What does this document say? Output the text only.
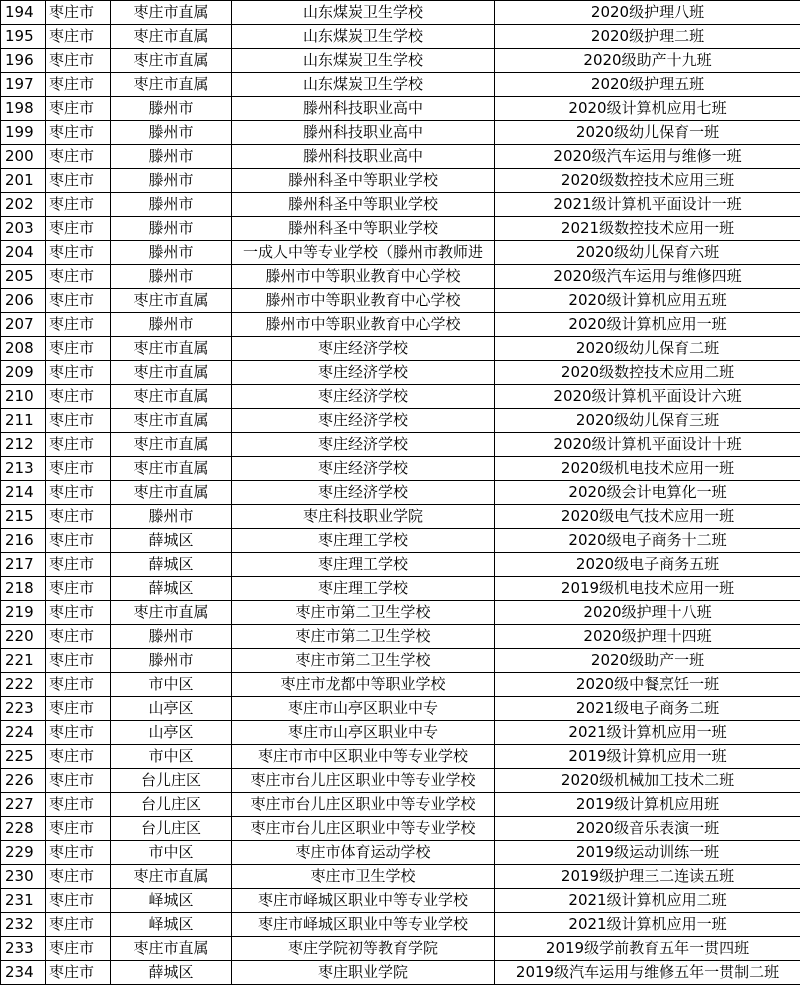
194	枣庄市	枣庄市直属	山东煤炭卫生学校	2020级护理八班
195	枣庄市	枣庄市直属	山东煤炭卫生学校	2020级护理二班
196	枣庄市	枣庄市直属	山东煤炭卫生学校	2020级助产十九班
197	枣庄市	枣庄市直属	山东煤炭卫生学校	2020级护理五班
198	枣庄市	滕州市	滕州科技职业高中	2020级计算机应用七班
199	枣庄市	滕州市	滕州科技职业高中	2020级幼儿保育一班
200	枣庄市	滕州市	滕州科技职业高中	2020级汽车运用与维修一班
201	枣庄市	滕州市	滕州科圣中等职业学校	2020级数控技术应用三班
202	枣庄市	滕州市	滕州科圣中等职业学校	2021级计算机平面设计一班
203	枣庄市	滕州市	滕州科圣中等职业学校	2021级数控技术应用一班
204	枣庄市	滕州市	一成人中等专业学校（滕州市教师进	2020级幼儿保育六班
205	枣庄市	滕州市	滕州市中等职业教育中心学校	2020级汽车运用与维修四班
206	枣庄市	枣庄市直属	滕州市中等职业教育中心学校	2020级计算机应用五班
207	枣庄市	滕州市	滕州市中等职业教育中心学校	2020级计算机应用一班
208	枣庄市	枣庄市直属	枣庄经济学校	2020级幼儿保育二班
209	枣庄市	枣庄市直属	枣庄经济学校	2020级数控技术应用二班
210	枣庄市	枣庄市直属	枣庄经济学校	2020级计算机平面设计六班
211	枣庄市	枣庄市直属	枣庄经济学校	2020级幼儿保育三班
212	枣庄市	枣庄市直属	枣庄经济学校	2020级计算机平面设计十班
213	枣庄市	枣庄市直属	枣庄经济学校	2020级机电技术应用一班
214	枣庄市	枣庄市直属	枣庄经济学校	2020级会计电算化一班
215	枣庄市	滕州市	枣庄科技职业学院	2020级电气技术应用一班
216	枣庄市	薛城区	枣庄理工学校	2020级电子商务十二班
217	枣庄市	薛城区	枣庄理工学校	2020级电子商务五班
218	枣庄市	薛城区	枣庄理工学校	2019级机电技术应用一班
219	枣庄市	枣庄市直属	枣庄市第二卫生学校	2020级护理十八班
220	枣庄市	滕州市	枣庄市第二卫生学校	2020级护理十四班
221	枣庄市	滕州市	枣庄市第二卫生学校	2020级助产一班
222	枣庄市	市中区	枣庄市龙都中等职业学校	2020级中餐烹饪一班
223	枣庄市	山亭区	枣庄市山亭区职业中专	2021级电子商务二班
224	枣庄市	山亭区	枣庄市山亭区职业中专	2021级计算机应用一班
225	枣庄市	市中区	枣庄市市中区职业中等专业学校	2019级计算机应用一班
226	枣庄市	台儿庄区	枣庄市台儿庄区职业中等专业学校	2020级机械加工技术二班
227	枣庄市	台儿庄区	枣庄市台儿庄区职业中等专业学校	2019级计算机应用班
228	枣庄市	台儿庄区	枣庄市台儿庄区职业中等专业学校	2020级音乐表演一班
229	枣庄市	市中区	枣庄市体育运动学校	2019级运动训练一班
230	枣庄市	枣庄市直属	枣庄市卫生学校	2019级护理三二连读五班
231	枣庄市	峄城区	枣庄市峄城区职业中等专业学校	2021级计算机应用二班
232	枣庄市	峄城区	枣庄市峄城区职业中等专业学校	2021级计算机应用一班
233	枣庄市	枣庄市直属	枣庄学院初等教育学院	2019级学前教育五年一贯四班
234	枣庄市	薛城区	枣庄职业学院	2019级汽车运用与维修五年一贯制二班
